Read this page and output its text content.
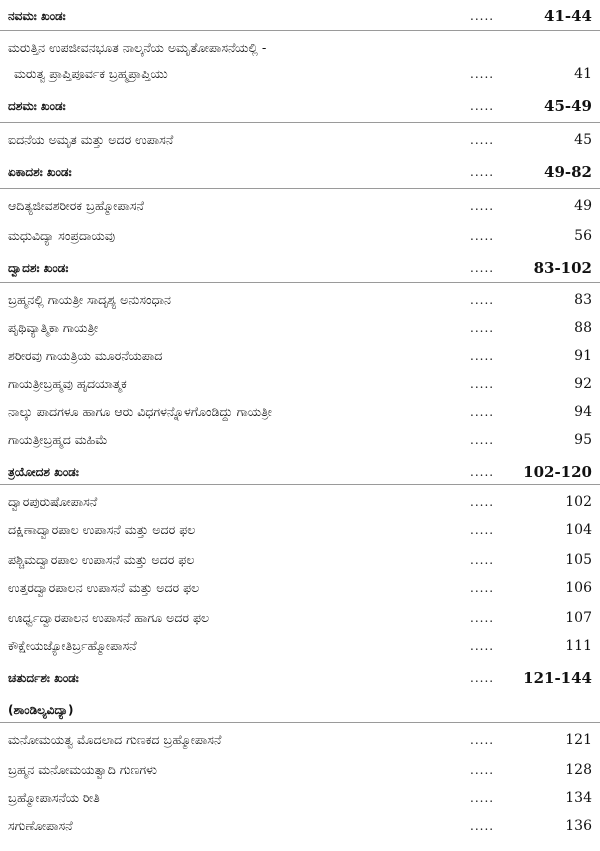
ನವಮಃ ಖಂಡಃ	.....	41-44
ಮರುತ್ತಿನ ಉಪಜೀವನಭೂತ ನಾಲ್ಕನೆಯ ಅಮೃತೋಪಾಸನೆಯಲ್ಲಿ -
ಮರುತ್ವ ಪ್ರಾಪ್ತಿಪೂರ್ವಕ ಬ್ರಹ್ಮಪ್ರಾಪ್ತಿಯು	.....	41
ದಶಮಃ ಖಂಡಃ	.....	45-49
ಐದನೆಯ ಅಮೃತ ಮತ್ತು ಅದರ ಉಪಾಸನೆ	.....	45
ಏಕಾದಶಃ ಖಂಡಃ	.....	49-82
ಆದಿತ್ಯಜೀವಶರೀರಕ ಬ್ರಹ್ಮೋಪಾಸನೆ	.....	49
ಮಧುವಿದ್ಯಾ ಸಂಪ್ರದಾಯವು	.....	56
ದ್ವಾದಶಃ ಖಂಡಃ	.....	83-102
ಬ್ರಹ್ಮನಲ್ಲಿ ಗಾಯತ್ರೀ ಸಾದೃಶ್ಯ ಅನುಸಂಧಾನ	.....	83
ಪೃಥಿವ್ಯಾತ್ಮಿಕಾ ಗಾಯತ್ರೀ	.....	88
ಶರೀರವು ಗಾಯತ್ರಿಯ ಮೂರನೆಯಪಾದ	.....	91
ಗಾಯತ್ರೀಬ್ರಹ್ಮವು ಹೃದಯಾತ್ಮಕ	.....	92
ನಾಲ್ಕು ಪಾದಗಳೂ ಹಾಗೂ ಆರು ವಿಧಗಳನ್ನೊಳಗೊಂಡಿದ್ದು ಗಾಯತ್ರೀ	.....	94
ಗಾಯತ್ರೀಬ್ರಹ್ಮದ ಮಹಿಮೆ	.....	95
ತ್ರಯೋದಶ ಖಂಡಃ	..... 102-120
ದ್ವಾರಪುರುಷೋಪಾಸನೆ	.....	102
ದಕ್ಷಿಣಾದ್ವಾರಪಾಲ ಉಪಾಸನೆ ಮತ್ತು ಅದರ ಫಲ	.....	104
ಪಶ್ಚಿಮದ್ವಾರಪಾಲ ಉಪಾಸನೆ ಮತ್ತು ಅದರ ಫಲ	.....	105
ಉತ್ತರದ್ವಾರಪಾಲನ ಉಪಾಸನೆ ಮತ್ತು ಅದರ ಫಲ	.....	106
ಊರ್ಧ್ವದ್ವಾರಪಾಲನ ಉಪಾಸನೆ ಹಾಗೂ ಅದರ ಫಲ	.....	107
ಕೌಕ್ಷೇಯಜ್ಯೋತಿರ್ಬ್ರಹ್ಮೋಪಾಸನೆ	.....	111
ಚತುರ್ದಶಃ ಖಂಡಃ	..... 121-144
(ಶಾಂಡಿಲ್ಯವಿದ್ಯಾ)
ಮನೋಮಯತ್ವ ಮೊದಲಾದ ಗುಣಕದ ಬ್ರಹ್ಮೋಪಾಸನೆ	.....	121
ಬ್ರಹ್ಮನ ಮನೋಮಯತ್ವಾದಿ ಗುಣಗಳು	.....	128
ಬ್ರಹ್ಮೋಪಾಸನೆಯ ರೀತಿ	.....	134
ಸಗುಣೋಪಾಸನೆ	.....	136
